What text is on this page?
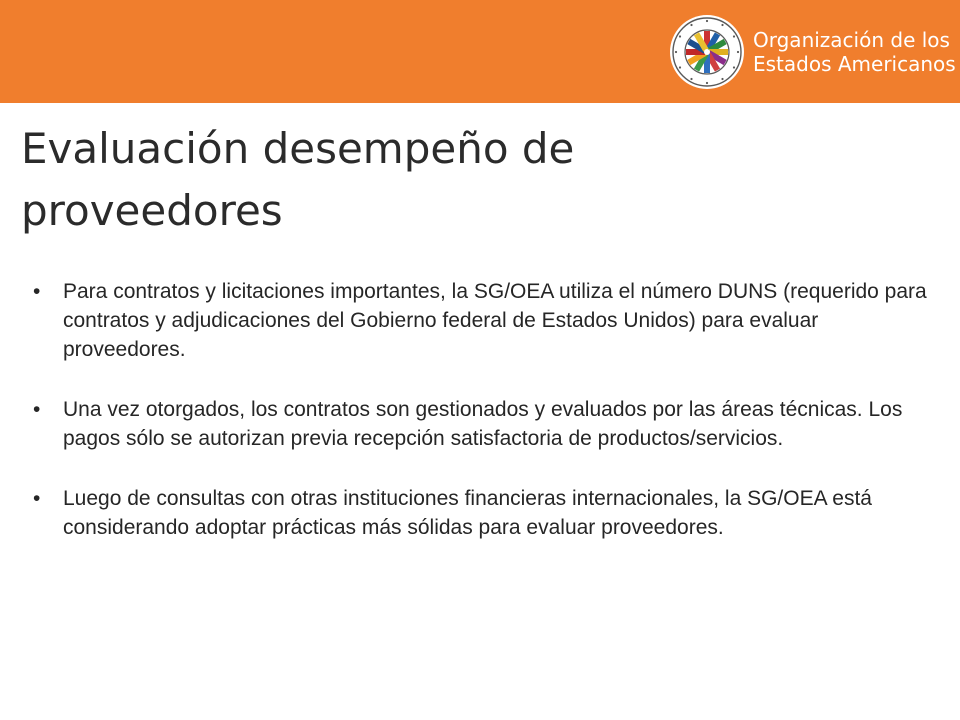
Organización de los
Estados Americanos
Evaluación desempeño de
proveedores
• Para contratos y licitaciones importantes, la SG/OEA utiliza el número DUNS (requerido para contratos y adjudicaciones del Gobierno federal de Estados Unidos) para evaluar proveedores.
• Una vez otorgados, los contratos son gestionados y evaluados por las áreas técnicas. Los pagos sólo se autorizan previa recepción satisfactoria de productos/servicios.
• Luego de consultas con otras instituciones financieras internacionales, la SG/OEA está considerando adoptar prácticas más sólidas para evaluar proveedores.
